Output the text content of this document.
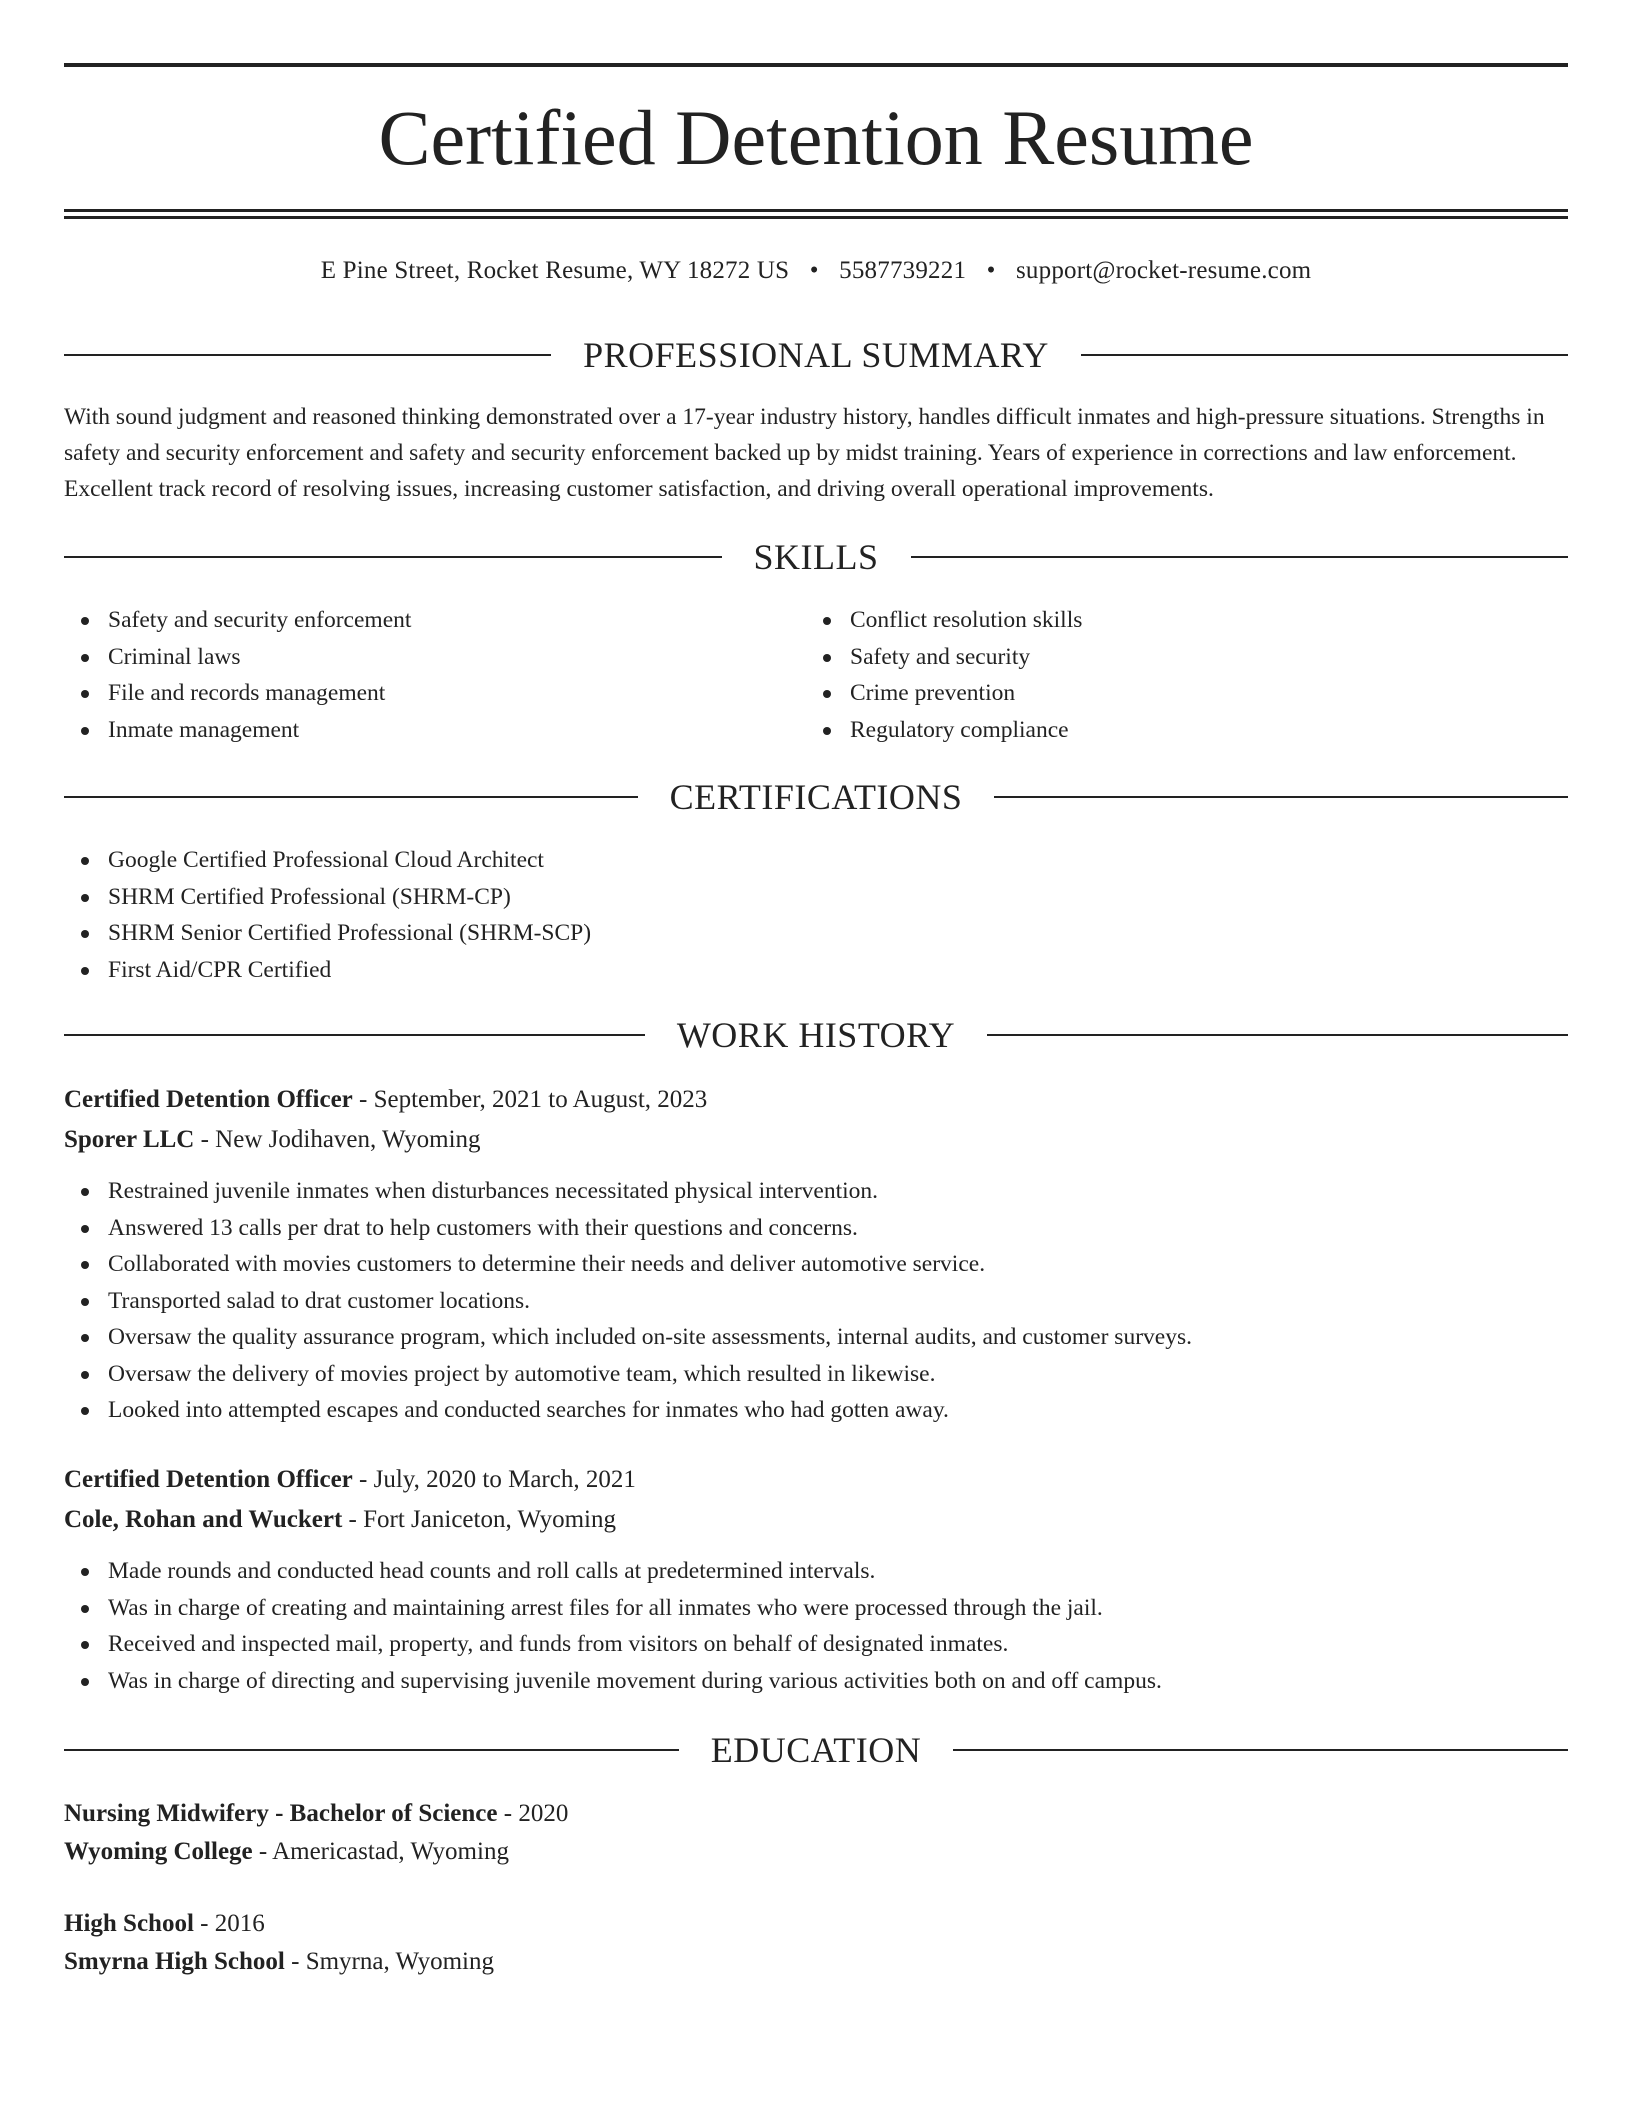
Certified Detention Resume
E Pine Street, Rocket Resume, WY 18272 US • 5587739221 • support@rocket-resume.com
PROFESSIONAL SUMMARY

With sound judgment and reasoned thinking demonstrated over a 17-year industry history, handles difficult inmates and high-pressure situations. Strengths in safety and security enforcement and safety and security enforcement backed up by midst training. Years of experience in corrections and law enforcement. Excellent track record of resolving issues, increasing customer satisfaction, and driving overall operational improvements.

SKILLS
Safety and security enforcement
Criminal laws
File and records management
Inmate management
Conflict resolution skills
Safety and security
Crime prevention
Regulatory compliance
CERTIFICATIONS
Google Certified Professional Cloud Architect
SHRM Certified Professional (SHRM-CP)
SHRM Senior Certified Professional (SHRM-SCP)
First Aid/CPR Certified
WORK HISTORY
Certified Detention Officer - September, 2021 to August, 2023
Sporer LLC - New Jodihaven, Wyoming
Restrained juvenile inmates when disturbances necessitated physical intervention.
Answered 13 calls per drat to help customers with their questions and concerns.
Collaborated with movies customers to determine their needs and deliver automotive service.
Transported salad to drat customer locations.
Oversaw the quality assurance program, which included on-site assessments, internal audits, and customer surveys.
Oversaw the delivery of movies project by automotive team, which resulted in likewise.
Looked into attempted escapes and conducted searches for inmates who had gotten away.
Certified Detention Officer - July, 2020 to March, 2021
Cole, Rohan and Wuckert - Fort Janiceton, Wyoming
Made rounds and conducted head counts and roll calls at predetermined intervals.
Was in charge of creating and maintaining arrest files for all inmates who were processed through the jail.
Received and inspected mail, property, and funds from visitors on behalf of designated inmates.
Was in charge of directing and supervising juvenile movement during various activities both on and off campus.
EDUCATION
Nursing Midwifery - Bachelor of Science - 2020
Wyoming College - Americastad, Wyoming
High School - 2016
Smyrna High School - Smyrna, Wyoming
